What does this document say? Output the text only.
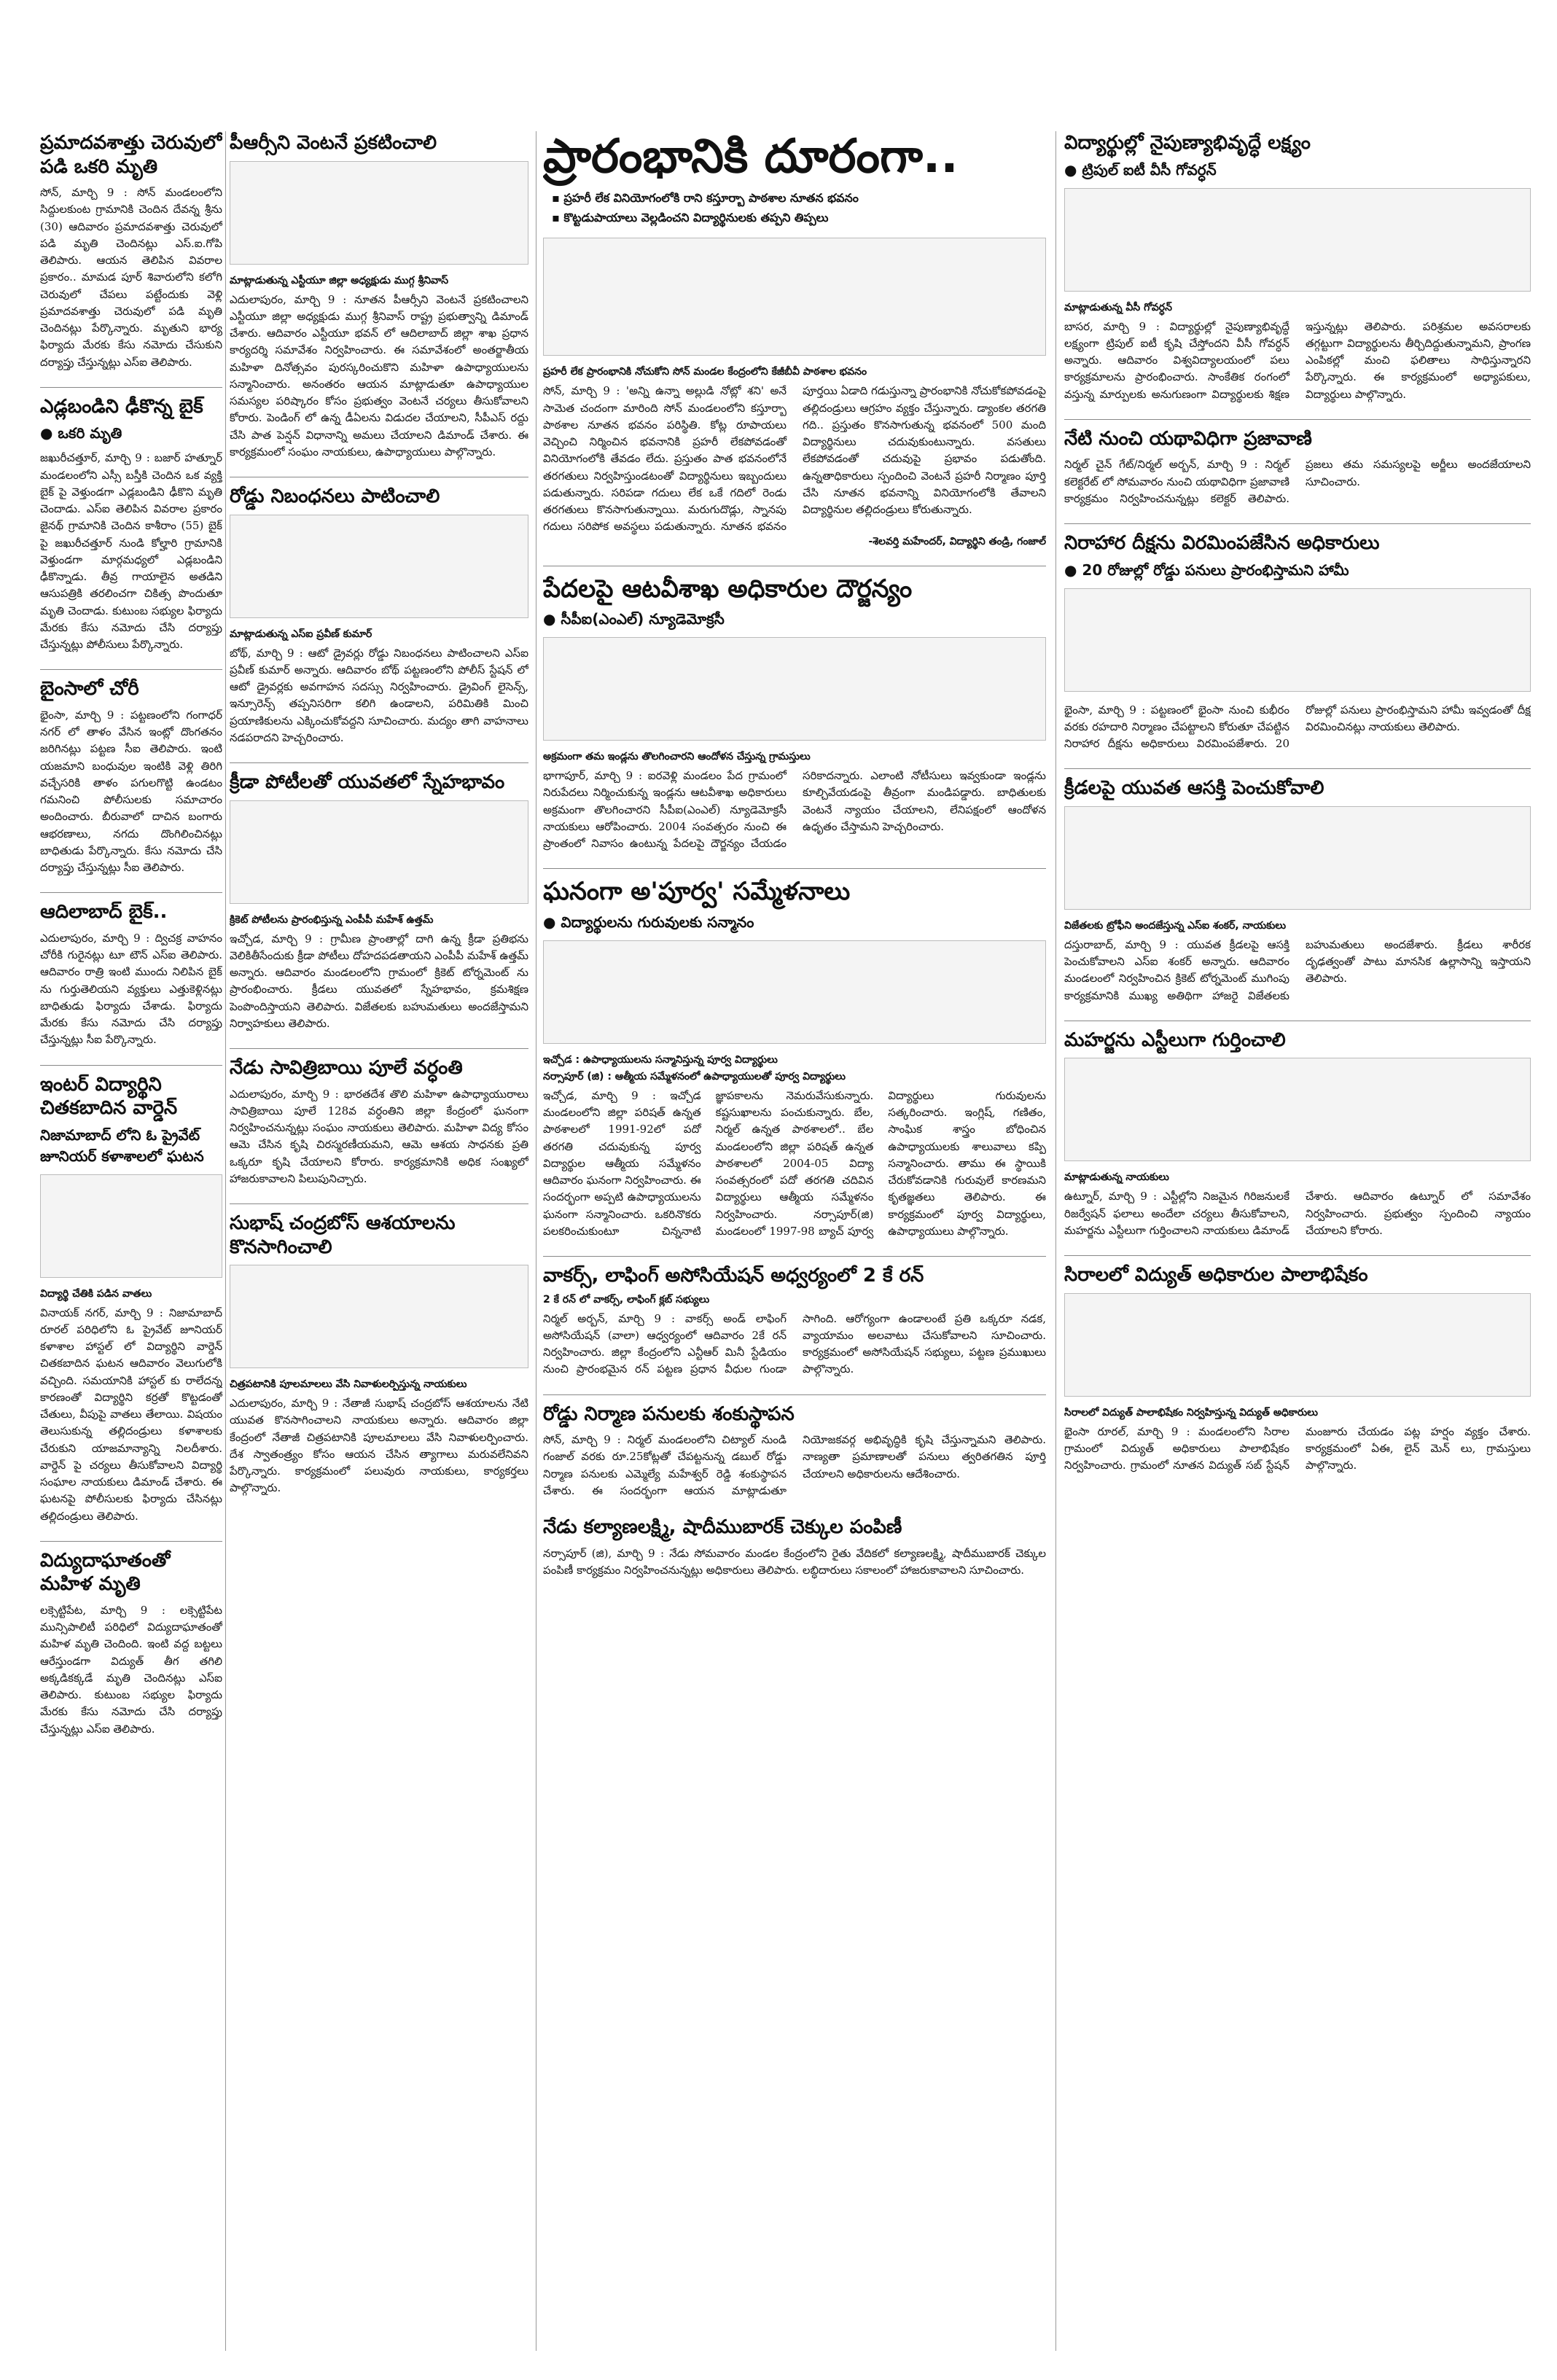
ప్రమాదవశాత్తు చెరువులో పడి ఒకరి మృతి

సోన్, మార్చి 9 : సోన్ మండలంలోని సిద్దులకుంట గ్రామానికి చెందిన దేవన్న శ్రీను (30) ఆదివారం ప్రమాదవశాత్తు చెరువులో పడి మృతి చెందినట్లు ఎస్.ఐ.గోపి తెలిపారు. ఆయన తెలిపిన వివరాల ప్రకారం.. మామడ పూర్ శివారులోని కలోగి చెరువులో చేపలు పట్టేందుకు వెళ్లి ప్రమాదవశాత్తు చెరువులో పడి మృతి చెందినట్లు పేర్కొన్నారు. మృతుని భార్య ఫిర్యాదు మేరకు కేసు నమోదు చేసుకుని దర్యాప్తు చేస్తున్నట్లు ఎస్ఐ తెలిపారు.

ఎడ్లబండిని ఢీకొన్న బైక్
● ఒకరి మృతి

జఖురీచత్తూర్, మార్చి 9 : బజార్ హత్నూర్ మండలంలోని ఎస్సీ బస్తీకి చెందిన ఒక వ్యక్తి బైక్ పై వెళ్తుండగా ఎడ్లబండిని ఢీకొని మృతి చెందాడు. ఎస్ఐ తెలిపిన వివరాల ప్రకారం జైనథ్ గ్రామానికి చెందిన కాశీరాం (55) బైక్ పై జఖురీచత్తూర్ నుండి కోల్హారి గ్రామానికి వెళ్తుండగా మార్గమధ్యలో ఎడ్లబండిని ఢీకొన్నాడు. తీవ్ర గాయాలైన అతడిని ఆసుపత్రికి తరలించగా చికిత్స పొందుతూ మృతి చెందాడు. కుటుంబ సభ్యుల ఫిర్యాదు మేరకు కేసు నమోదు చేసి దర్యాప్తు చేస్తున్నట్లు పోలీసులు పేర్కొన్నారు.

బైంసాలో చోరీ

భైంసా, మార్చి 9 : పట్టణంలోని గంగాధర్ నగర్ లో తాళం వేసిన ఇంట్లో దొంగతనం జరిగినట్లు పట్టణ సీఐ తెలిపారు. ఇంటి యజమాని బంధువుల ఇంటికి వెళ్లి తిరిగి వచ్చేసరికి తాళం పగులగొట్టి ఉండటం గమనించి పోలీసులకు సమాచారం అందించారు. బీరువాలో దాచిన బంగారు ఆభరణాలు, నగదు దొంగిలించినట్లు బాధితుడు పేర్కొన్నారు. కేసు నమోదు చేసి దర్యాప్తు చేస్తున్నట్లు సీఐ తెలిపారు.

ఆదిలాబాద్ బైక్..

ఎదులాపురం, మార్చి 9 : ద్విచక్ర వాహనం చోరీకి గురైనట్లు టూ టౌన్ ఎస్ఐ తెలిపారు. ఆదివారం రాత్రి ఇంటి ముందు నిలిపిన బైక్ ను గుర్తుతెలియని వ్యక్తులు ఎత్తుకెళ్లినట్లు బాధితుడు ఫిర్యాదు చేశాడు. ఫిర్యాదు మేరకు కేసు నమోదు చేసి దర్యాప్తు చేస్తున్నట్లు సీఐ పేర్కొన్నారు.

ఇంటర్ విద్యార్థిని చితకబాదిన వార్డెన్
నిజామాబాద్ లోని ఓ ప్రైవేట్ జూనియర్ కళాశాలలో ఘటన
విద్యార్థి చేతికి పడిన వాతలు

వినాయక్ నగర్, మార్చి 9 : నిజామాబాద్ రూరల్ పరిధిలోని ఓ ప్రైవేట్ జూనియర్ కళాశాల హాస్టల్ లో విద్యార్థిని వార్డెన్ చితకబాదిన ఘటన ఆదివారం వెలుగులోకి వచ్చింది. సమయానికి హాస్టల్ కు రాలేదన్న కారణంతో విద్యార్థిని కర్రతో కొట్టడంతో చేతులు, వీపుపై వాతలు తేలాయి. విషయం తెలుసుకున్న తల్లిదండ్రులు కళాశాలకు చేరుకుని యాజమాన్యాన్ని నిలదీశారు. వార్డెన్ పై చర్యలు తీసుకోవాలని విద్యార్థి సంఘాల నాయకులు డిమాండ్ చేశారు. ఈ ఘటనపై పోలీసులకు ఫిర్యాదు చేసినట్లు తల్లిదండ్రులు తెలిపారు.

విద్యుదాఘాతంతో మహిళ మృతి

లక్సెట్టిపేట, మార్చి 9 : లక్సెట్టిపేట మున్సిపాలిటీ పరిధిలో విద్యుదాఘాతంతో మహిళ మృతి చెందింది. ఇంటి వద్ద బట్టలు ఆరేస్తుండగా విద్యుత్ తీగ తగిలి అక్కడికక్కడే మృతి చెందినట్లు ఎస్ఐ తెలిపారు. కుటుంబ సభ్యుల ఫిర్యాదు మేరకు కేసు నమోదు చేసి దర్యాప్తు చేస్తున్నట్లు ఎస్ఐ తెలిపారు.

పీఆర్సీని వెంటనే ప్రకటించాలి
మాట్లాడుతున్న ఎస్టీయూ జిల్లా అధ్యక్షుడు ముగ్గ శ్రీనివాస్

ఎదులాపురం, మార్చి 9 : నూతన పీఆర్సీని వెంటనే ప్రకటించాలని ఎస్టీయూ జిల్లా అధ్యక్షుడు ముగ్గ శ్రీనివాస్ రాష్ట్ర ప్రభుత్వాన్ని డిమాండ్ చేశారు. ఆదివారం ఎస్టీయూ భవన్ లో ఆదిలాబాద్ జిల్లా శాఖ ప్రధాన కార్యదర్శి సమావేశం నిర్వహించారు. ఈ సమావేశంలో అంతర్జాతీయ మహిళా దినోత్సవం పురస్కరించుకొని మహిళా ఉపాధ్యాయులను సన్మానించారు. అనంతరం ఆయన మాట్లాడుతూ ఉపాధ్యాయుల సమస్యల పరిష్కారం కోసం ప్రభుత్వం వెంటనే చర్యలు తీసుకోవాలని కోరారు. పెండింగ్ లో ఉన్న డీఏలను విడుదల చేయాలని, సీపీఎస్ రద్దు చేసి పాత పెన్షన్ విధానాన్ని అమలు చేయాలని డిమాండ్ చేశారు. ఈ కార్యక్రమంలో సంఘం నాయకులు, ఉపాధ్యాయులు పాల్గొన్నారు.

రోడ్డు నిబంధనలు పాటించాలి
మాట్లాడుతున్న ఎస్ఐ ప్రవీణ్ కుమార్

బోథ్, మార్చి 9 : ఆటో డ్రైవర్లు రోడ్డు నిబంధనలు పాటించాలని ఎస్ఐ ప్రవీణ్ కుమార్ అన్నారు. ఆదివారం బోథ్ పట్టణంలోని పోలీస్ స్టేషన్ లో ఆటో డ్రైవర్లకు అవగాహన సదస్సు నిర్వహించారు. డ్రైవింగ్ లైసెన్స్, ఇన్సూరెన్స్ తప్పనిసరిగా కలిగి ఉండాలని, పరిమితికి మించి ప్రయాణికులను ఎక్కించుకోవద్దని సూచించారు. మద్యం తాగి వాహనాలు నడపరాదని హెచ్చరించారు.

క్రీడా పోటీలతో యువతలో స్నేహభావం
క్రికెట్ పోటీలను ప్రారంభిస్తున్న ఎంపీపీ మహేశ్ ఉత్తమ్

ఇచ్చోడ, మార్చి 9 : గ్రామీణ ప్రాంతాల్లో దాగి ఉన్న క్రీడా ప్రతిభను వెలికితీసేందుకు క్రీడా పోటీలు దోహదపడతాయని ఎంపీపీ మహేశ్ ఉత్తమ్ అన్నారు. ఆదివారం మండలంలోని గ్రామంలో క్రికెట్ టోర్నమెంట్ ను ప్రారంభించారు. క్రీడలు యువతలో స్నేహభావం, క్రమశిక్షణ పెంపొందిస్తాయని తెలిపారు. విజేతలకు బహుమతులు అందజేస్తామని నిర్వాహకులు తెలిపారు.

నేడు సావిత్రిబాయి పూలే వర్ధంతి

ఎదులాపురం, మార్చి 9 : భారతదేశ తొలి మహిళా ఉపాధ్యాయురాలు సావిత్రిబాయి పూలే 128వ వర్ధంతిని జిల్లా కేంద్రంలో ఘనంగా నిర్వహించనున్నట్లు సంఘం నాయకులు తెలిపారు. మహిళా విద్య కోసం ఆమె చేసిన కృషి చిరస్మరణీయమని, ఆమె ఆశయ సాధనకు ప్రతి ఒక్కరూ కృషి చేయాలని కోరారు. కార్యక్రమానికి అధిక సంఖ్యలో హాజరుకావాలని పిలుపునిచ్చారు.

సుభాష్ చంద్రబోస్ ఆశయాలను కొనసాగించాలి
చిత్రపటానికి పూలమాలలు వేసి నివాళులర్పిస్తున్న నాయకులు

ఎదులాపురం, మార్చి 9 : నేతాజీ సుభాష్ చంద్రబోస్ ఆశయాలను నేటి యువత కొనసాగించాలని నాయకులు అన్నారు. ఆదివారం జిల్లా కేంద్రంలో నేతాజీ చిత్రపటానికి పూలమాలలు వేసి నివాళులర్పించారు. దేశ స్వాతంత్ర్యం కోసం ఆయన చేసిన త్యాగాలు మరువలేనివని పేర్కొన్నారు. కార్యక్రమంలో పలువురు నాయకులు, కార్యకర్తలు పాల్గొన్నారు.

ప్రారంభానికి దూరంగా..
▪ ప్రహరీ లేక వినియోగంలోకి రాని కస్తూర్బా పాఠశాల నూతన భవనం
▪ కొట్టడుపాయాలు వెల్లడించని విద్యార్థినులకు తప్పని తిప్పలు
ప్రహరీ లేక ప్రారంభానికి నోచుకోని సోన్ మండల కేంద్రంలోని కేజీబీవీ పాఠశాల భవనం

సోన్, మార్చి 9 : 'అన్ని ఉన్నా అల్లుడి నోట్లో శని' అనే సామెత చందంగా మారింది సోన్ మండలంలోని కస్తూర్బా పాఠశాల నూతన భవనం పరిస్థితి. కోట్ల రూపాయలు వెచ్చించి నిర్మించిన భవనానికి ప్రహరీ లేకపోవడంతో వినియోగంలోకి తేవడం లేదు. ప్రస్తుతం పాత భవనంలోనే తరగతులు నిర్వహిస్తుండటంతో విద్యార్థినులు ఇబ్బందులు పడుతున్నారు. సరిపడా గదులు లేక ఒకే గదిలో రెండు తరగతులు కొనసాగుతున్నాయి. మరుగుదొడ్లు, స్నానపు గదులు సరిపోక అవస్థలు పడుతున్నారు. నూతన భవనం పూర్తయి ఏడాది గడుస్తున్నా ప్రారంభానికి నోచుకోకపోవడంపై తల్లిదండ్రులు ఆగ్రహం వ్యక్తం చేస్తున్నారు. డ్యాంకల తరగతి గది.. ప్రస్తుతం కొనసాగుతున్న భవనంలో 500 మంది విద్యార్థినులు చదువుకుంటున్నారు. వసతులు లేకపోవడంతో చదువుపై ప్రభావం పడుతోంది. ఉన్నతాధికారులు స్పందించి వెంటనే ప్రహరీ నిర్మాణం పూర్తి చేసి నూతన భవనాన్ని వినియోగంలోకి తేవాలని విద్యార్థినుల తల్లిదండ్రులు కోరుతున్నారు.

-శెలవర్తి మహేందర్, విద్యార్థిని తండ్రి, గంజాల్
పేదలపై ఆటవీశాఖ అధికారుల దౌర్జన్యం
● సీపీఐ(ఎంఎల్) న్యూడెమోక్రసీ
అక్రమంగా తమ ఇండ్లను తొలగించారని ఆందోళన చేస్తున్న గ్రామస్తులు

భాగాపూర్, మార్చి 9 : ఐరవెళ్లి మండలం పేద గ్రామంలో నిరుపేదలు నిర్మించుకున్న ఇండ్లను ఆటవీశాఖ అధికారులు అక్రమంగా తొలగించారని సీపీఐ(ఎంఎల్) న్యూడెమోక్రసీ నాయకులు ఆరోపించారు. 2004 సంవత్సరం నుంచి ఈ ప్రాంతంలో నివాసం ఉంటున్న పేదలపై దౌర్జన్యం చేయడం సరికాదన్నారు. ఎలాంటి నోటీసులు ఇవ్వకుండా ఇండ్లను కూల్చివేయడంపై తీవ్రంగా మండిపడ్డారు. బాధితులకు వెంటనే న్యాయం చేయాలని, లేనిపక్షంలో ఆందోళన ఉధృతం చేస్తామని హెచ్చరించారు.

ఘనంగా అ'పూర్వ' సమ్మేళనాలు
● విద్యార్థులను గురువులకు సన్మానం
ఇచ్చోడ : ఉపాధ్యాయులను సన్మానిస్తున్న పూర్వ విద్యార్థులు
నర్సాపూర్ (జి) : ఆత్మీయ సమ్మేళనంలో ఉపాధ్యాయులతో పూర్వ విద్యార్థులు

ఇచ్చోడ, మార్చి 9 : ఇచ్చోడ మండలంలోని జిల్లా పరిషత్ ఉన్నత పాఠశాలలో 1991-92లో పదో తరగతి చదువుకున్న పూర్వ విద్యార్థుల ఆత్మీయ సమ్మేళనం ఆదివారం ఘనంగా నిర్వహించారు. ఈ సందర్భంగా అప్పటి ఉపాధ్యాయులను ఘనంగా సన్మానించారు. ఒకరినొకరు పలకరించుకుంటూ చిన్ననాటి జ్ఞాపకాలను నెమరువేసుకున్నారు. కష్టసుఖాలను పంచుకున్నారు. బేల, నిర్మల్ ఉన్నత పాఠశాలలో.. బేల మండలంలోని జిల్లా పరిషత్ ఉన్నత పాఠశాలలో 2004-05 విద్యా సంవత్సరంలో పదో తరగతి చదివిన విద్యార్థులు ఆత్మీయ సమ్మేళనం నిర్వహించారు. నర్సాపూర్(జి) మండలంలో 1997-98 బ్యాచ్ పూర్వ విద్యార్థులు గురువులను సత్కరించారు. ఇంగ్లిష్, గణితం, సాంఘిక శాస్త్రం బోధించిన ఉపాధ్యాయులకు శాలువాలు కప్పి సన్మానించారు. తాము ఈ స్థాయికి చేరుకోవడానికి గురువులే కారణమని కృతజ్ఞతలు తెలిపారు. ఈ కార్యక్రమంలో పూర్వ విద్యార్థులు, ఉపాధ్యాయులు పాల్గొన్నారు.

వాకర్స్, లాఫింగ్ అసోసియేషన్ అధ్వర్యంలో 2 కే రన్
2 కే రన్ లో వాకర్స్, లాఫింగ్ క్లబ్ సభ్యులు

నిర్మల్ అర్బన్, మార్చి 9 : వాకర్స్ అండ్ లాఫింగ్ అసోసియేషన్ (వాలా) ఆధ్వర్యంలో ఆదివారం 2కే రన్ నిర్వహించారు. జిల్లా కేంద్రంలోని ఎన్టీఆర్ మినీ స్టేడియం నుంచి ప్రారంభమైన రన్ పట్టణ ప్రధాన వీధుల గుండా సాగింది. ఆరోగ్యంగా ఉండాలంటే ప్రతి ఒక్కరూ నడక, వ్యాయామం అలవాటు చేసుకోవాలని సూచించారు. కార్యక్రమంలో అసోసియేషన్ సభ్యులు, పట్టణ ప్రముఖులు పాల్గొన్నారు.

రోడ్డు నిర్మాణ పనులకు శంకుస్థాపన

సోన్, మార్చి 9 : నిర్మల్ మండలంలోని చిట్యాల్ నుండి గంజాల్ వరకు రూ.25కోట్లతో చేపట్టనున్న డబుల్ రోడ్డు నిర్మాణ పనులకు ఎమ్మెల్యే మహేశ్వర్ రెడ్డి శంకుస్థాపన చేశారు. ఈ సందర్భంగా ఆయన మాట్లాడుతూ నియోజకవర్గ అభివృద్ధికి కృషి చేస్తున్నామని తెలిపారు. నాణ్యతా ప్రమాణాలతో పనులు త్వరితగతిన పూర్తి చేయాలని అధికారులను ఆదేశించారు.

నేడు కల్యాణలక్ష్మి, షాదీముబారక్ చెక్కుల పంపిణీ

నర్సాపూర్ (జి), మార్చి 9 : నేడు సోమవారం మండల కేంద్రంలోని రైతు వేదికలో కల్యాణలక్ష్మి, షాదీముబారక్ చెక్కుల పంపిణీ కార్యక్రమం నిర్వహించనున్నట్లు అధికారులు తెలిపారు. లబ్ధిదారులు సకాలంలో హాజరుకావాలని సూచించారు.

విద్యార్థుల్లో నైపుణ్యాభివృద్ధే లక్ష్యం
● ట్రిపుల్ ఐటీ వీసీ గోవర్ధన్
మాట్లాడుతున్న వీసీ గోవర్ధన్

బాసర, మార్చి 9 : విద్యార్థుల్లో నైపుణ్యాభివృద్ధే లక్ష్యంగా ట్రిపుల్ ఐటీ కృషి చేస్తోందని వీసీ గోవర్ధన్ అన్నారు. ఆదివారం విశ్వవిద్యాలయంలో పలు కార్యక్రమాలను ప్రారంభించారు. సాంకేతిక రంగంలో వస్తున్న మార్పులకు అనుగుణంగా విద్యార్థులకు శిక్షణ ఇస్తున్నట్లు తెలిపారు. పరిశ్రమల అవసరాలకు తగ్గట్టుగా విద్యార్థులను తీర్చిదిద్దుతున్నామని, ప్రాంగణ ఎంపికల్లో మంచి ఫలితాలు సాధిస్తున్నారని పేర్కొన్నారు. ఈ కార్యక్రమంలో అధ్యాపకులు, విద్యార్థులు పాల్గొన్నారు.

నేటి నుంచి యథావిధిగా ప్రజావాణి

నిర్మల్ చైన్ గేట్/నిర్మల్ అర్బన్, మార్చి 9 : నిర్మల్ కలెక్టరేట్ లో సోమవారం నుంచి యథావిధిగా ప్రజావాణి కార్యక్రమం నిర్వహించనున్నట్లు కలెక్టర్ తెలిపారు. ప్రజలు తమ సమస్యలపై అర్జీలు అందజేయాలని సూచించారు.

నిరాహార దీక్షను విరమింపజేసిన అధికారులు
● 20 రోజుల్లో రోడ్డు పనులు ప్రారంభిస్తామని హామీ

భైంసా, మార్చి 9 : పట్టణంలో భైంసా నుంచి కుభీరం వరకు రహదారి నిర్మాణం చేపట్టాలని కోరుతూ చేపట్టిన నిరాహార దీక్షను అధికారులు విరమింపజేశారు. 20 రోజుల్లో పనులు ప్రారంభిస్తామని హామీ ఇవ్వడంతో దీక్ష విరమించినట్లు నాయకులు తెలిపారు.

క్రీడలపై యువత ఆసక్తి పెంచుకోవాలి
విజేతలకు ట్రోఫీని అందజేస్తున్న ఎస్ఐ శంకర్, నాయకులు

దస్తురాబాద్, మార్చి 9 : యువత క్రీడలపై ఆసక్తి పెంచుకోవాలని ఎస్ఐ శంకర్ అన్నారు. ఆదివారం మండలంలో నిర్వహించిన క్రికెట్ టోర్నమెంట్ ముగింపు కార్యక్రమానికి ముఖ్య అతిథిగా హాజరై విజేతలకు బహుమతులు అందజేశారు. క్రీడలు శారీరక దృఢత్వంతో పాటు మానసిక ఉల్లాసాన్ని ఇస్తాయని తెలిపారు.

మహర్జను ఎస్టీలుగా గుర్తించాలి
మాట్లాడుతున్న నాయకులు

ఉట్నూర్, మార్చి 9 : ఎస్టీల్లోని నిజమైన గిరిజనులకే రిజర్వేషన్ ఫలాలు అందేలా చర్యలు తీసుకోవాలని, మహర్జను ఎస్టీలుగా గుర్తించాలని నాయకులు డిమాండ్ చేశారు. ఆదివారం ఉట్నూర్ లో సమావేశం నిర్వహించారు. ప్రభుత్వం స్పందించి న్యాయం చేయాలని కోరారు.

సిరాలలో విద్యుత్ అధికారుల పాలాభిషేకం
సిరాలలో విద్యుత్ పాలాభిషేకం నిర్వహిస్తున్న విద్యుత్ అధికారులు

భైంసా రూరల్, మార్చి 9 : మండలంలోని సిరాల గ్రామంలో విద్యుత్ అధికారులు పాలాభిషేకం నిర్వహించారు. గ్రామంలో నూతన విద్యుత్ సబ్ స్టేషన్ మంజూరు చేయడం పట్ల హర్షం వ్యక్తం చేశారు. కార్యక్రమంలో ఏఈ, లైన్ మెన్ లు, గ్రామస్తులు పాల్గొన్నారు.
